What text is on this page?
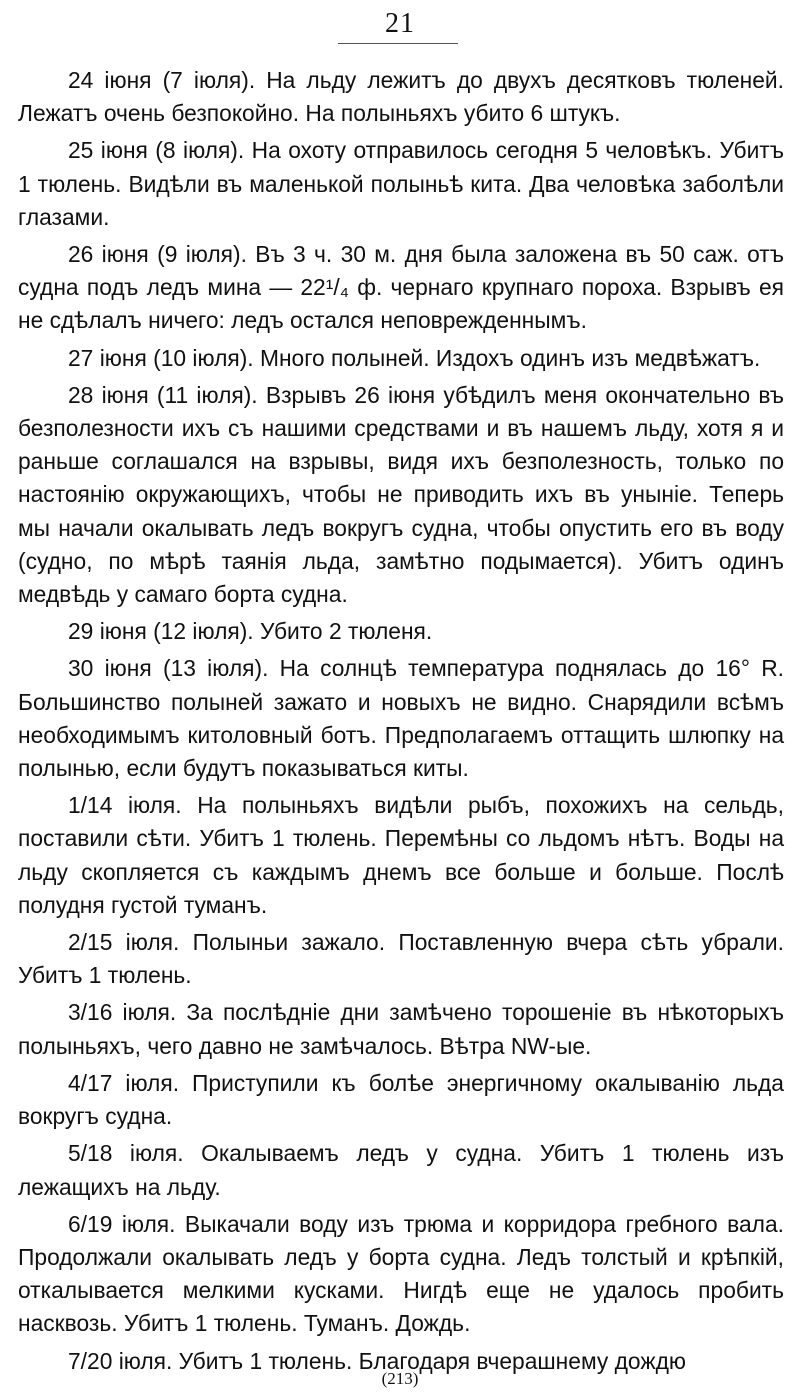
21

24 іюня (7 іюля). На льду лежитъ до двухъ десятковъ тюленей. Лежатъ очень безпокойно. На полыньяхъ убито 6 штукъ.

25 іюня (8 іюля). На охоту отправилось сегодня 5 человѣкъ. Убитъ 1 тюлень. Видѣли въ маленькой полыньѣ кита. Два человѣка заболѣли глазами.

26 іюня (9 іюля). Въ 3 ч. 30 м. дня была заложена въ 50 саж. отъ судна подъ ледъ мина — 22¹/₄ ф. чернаго крупнаго пороха. Взрывъ ея не сдѣлалъ ничего: ледъ остался неповрежденнымъ.

27 іюня (10 іюля). Много полыней. Издохъ одинъ изъ медвѣжатъ.

28 іюня (11 іюля). Взрывъ 26 іюня убѣдилъ меня окончательно въ безполезности ихъ съ нашими средствами и въ нашемъ льду, хотя я и раньше соглашался на взрывы, видя ихъ безполезность, только по настоянію окружающихъ, чтобы не приводить ихъ въ уныніе. Теперь мы начали окалывать ледъ вокругъ судна, чтобы опустить его въ воду (судно, по мѣрѣ таянія льда, замѣтно подымается). Убитъ одинъ медвѣдь у самаго борта судна.

29 іюня (12 іюля). Убито 2 тюленя.

30 іюня (13 іюля). На солнцѣ температура поднялась до 16° R. Большинство полыней зажато и новыхъ не видно. Снарядили всѣмъ необходимымъ китоловный ботъ. Предполагаемъ оттащить шлюпку на полынью, если будутъ показываться киты.

1/14 іюля. На полыньяхъ видѣли рыбъ, похожихъ на сельдь, поставили сѣти. Убитъ 1 тюлень. Перемѣны со льдомъ нѣтъ. Воды на льду скопляется съ каждымъ днемъ все больше и больше. Послѣ полудня густой туманъ.

2/15 іюля. Полыньи зажало. Поставленную вчера сѣть убрали. Убитъ 1 тюлень.

3/16 іюля. За послѣдніе дни замѣчено торошеніе въ нѣкоторыхъ полыньяхъ, чего давно не замѣчалось. Вѣтра NW-ые.

4/17 іюля. Приступили къ болѣе энергичному окалыванію льда вокругъ судна.

5/18 іюля. Окалываемъ ледъ у судна. Убитъ 1 тюлень изъ лежащихъ на льду.

6/19 іюля. Выкачали воду изъ трюма и корридора гребного вала. Продолжали окалывать ледъ у борта судна. Ледъ толстый и крѣпкій, откалывается мелкими кусками. Нигдѣ еще не удалось пробить насквозь. Убитъ 1 тюлень. Туманъ. Дождь.

7/20 іюля. Убитъ 1 тюлень. Благодаря вчерашнему дождю

(213)
